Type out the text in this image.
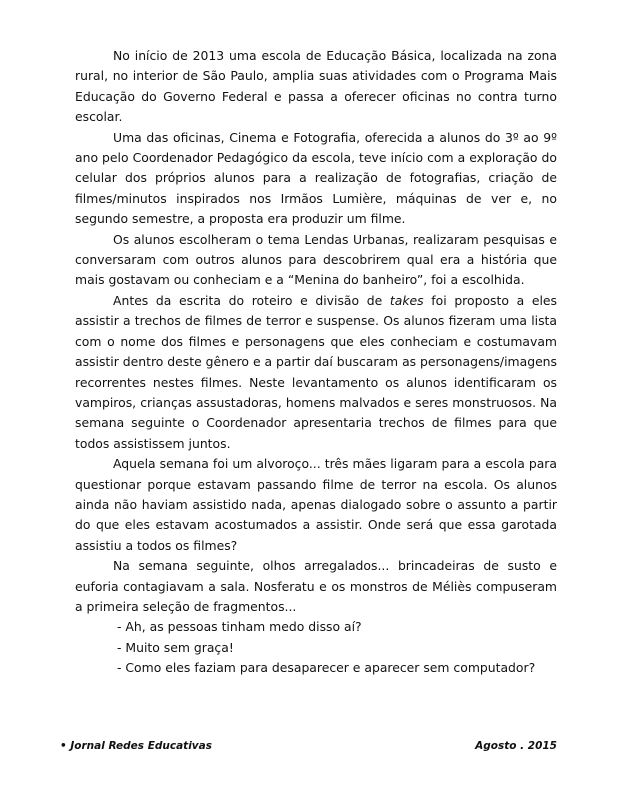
No início de 2013 uma escola de Educação Básica, localizada na zona rural, no interior de São Paulo, amplia suas atividades com o Programa Mais Educação do Governo Federal e passa a oferecer oficinas no contra turno escolar.

Uma das oficinas, Cinema e Fotografia, oferecida a alunos do 3º ao 9º ano pelo Coordenador Pedagógico da escola, teve início com a exploração do celular dos próprios alunos para a realização de fotografias, criação de filmes/minutos inspirados nos Irmãos Lumière, máquinas de ver e, no segundo semestre, a proposta era produzir um filme.

Os alunos escolheram o tema Lendas Urbanas, realizaram pesquisas e conversaram com outros alunos para descobrirem qual era a história que mais gostavam ou conheciam e a “Menina do banheiro”, foi a escolhida.

Antes da escrita do roteiro e divisão de takes foi proposto a eles assistir a trechos de filmes de terror e suspense. Os alunos fizeram uma lista com o nome dos filmes e personagens que eles conheciam e costumavam assistir dentro deste gênero e a partir daí buscaram as personagens/imagens recorrentes nestes filmes. Neste levantamento os alunos identificaram os vampiros, crianças assustadoras, homens malvados e seres monstruosos. Na semana seguinte o Coordenador apresentaria trechos de filmes para que todos assistissem juntos.

Aquela semana foi um alvoroço... três mães ligaram para a escola para questionar porque estavam passando filme de terror na escola. Os alunos ainda não haviam assistido nada, apenas dialogado sobre o assunto a partir do que eles estavam acostumados a assistir. Onde será que essa garotada assistiu a todos os filmes?

Na semana seguinte, olhos arregalados... brincadeiras de susto e euforia contagiavam a sala. Nosferatu e os monstros de Méliès compuseram a primeira seleção de fragmentos...

- Ah, as pessoas tinham medo disso aí?

- Muito sem graça!

- Como eles faziam para desaparecer e aparecer sem computador?

• Jornal Redes Educativas	Agosto . 2015
